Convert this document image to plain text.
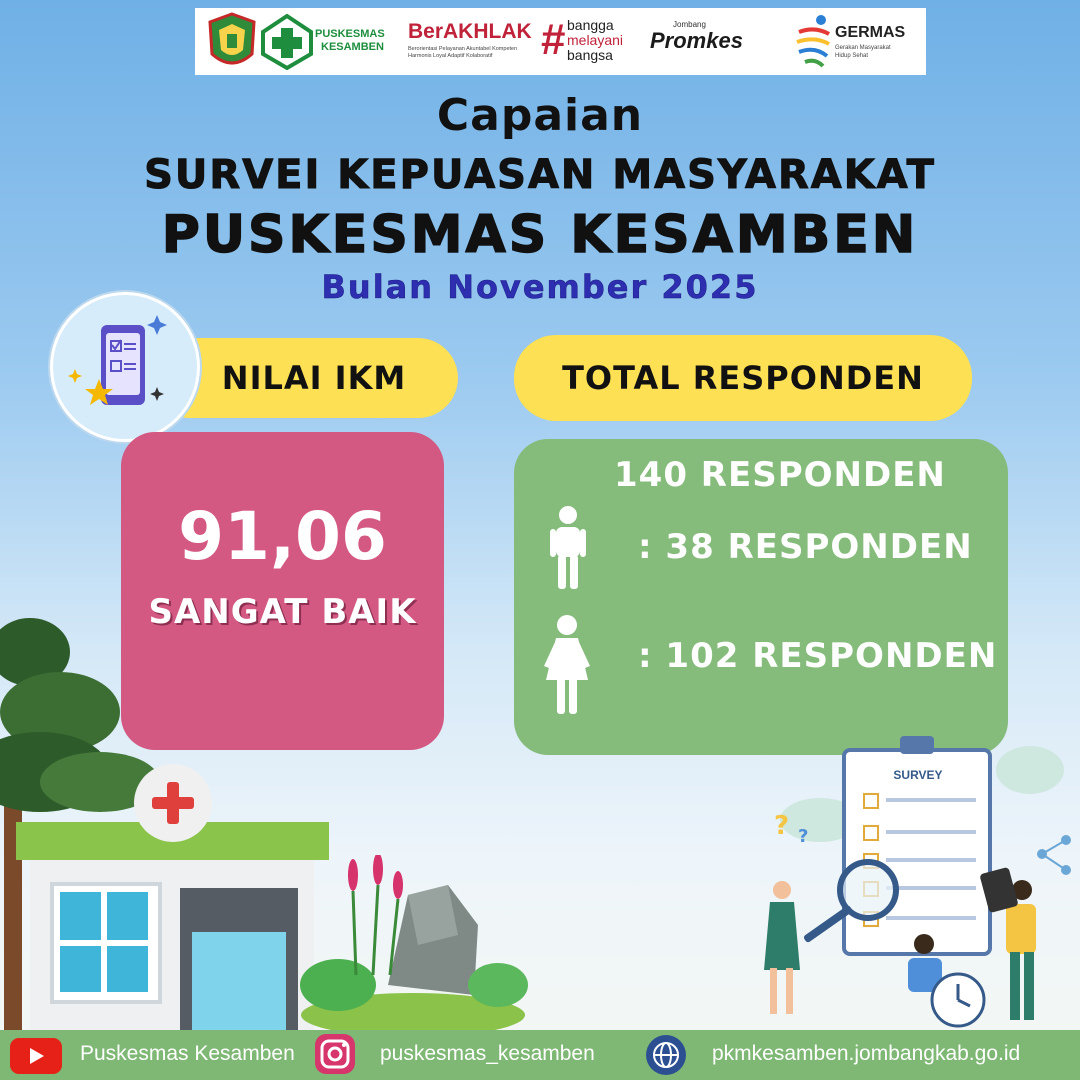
PUSKESMAS
KESAMBEN
BerAKHLAK
Berorientasi Pelayanan Akuntabel Kompeten
Harmonis Loyal Adaptif Kolaboratif	# bangga
melayani
bangsa
Jombang
Promkes	GERMAS
Gerakan Masyarakat
Hidup Sehat
Capaian
SURVEI KEPUASAN MASYARAKAT
PUSKESMAS KESAMBEN
Bulan November 2025
NILAI IKM	TOTAL RESPONDEN
91,06
SANGAT BAIK
140 RESPONDEN
: 38 RESPONDEN
: 102 RESPONDEN
? ?
SURVEY
Puskesmas Kesamben	puskesmas_kesamben	pkmkesamben.jombangkab.go.id
